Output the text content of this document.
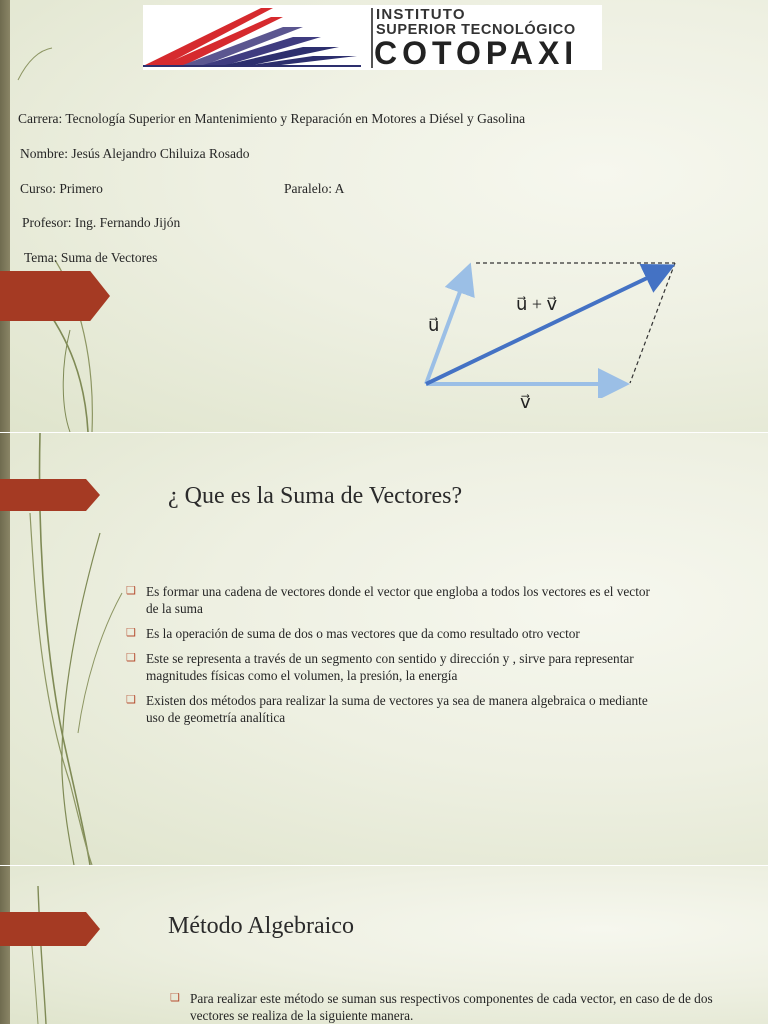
INSTITUTO
SUPERIOR TECNOLÓGICO
COTOPAXI
Carrera: Tecnología Superior en Mantenimiento y Reparación en Motores a Diésel y Gasolina
Nombre: Jesús Alejandro Chiluiza Rosado
Curso: Primero	Paralelo: A
Profesor: Ing. Fernando Jijón
Tema: Suma de Vectores
u⃗ + v⃗
u⃗
v⃗
¿ Que es la Suma de Vectores?
❑ Es formar una cadena de vectores donde el vector que engloba a todos los vectores es el vector de la suma
❑ Es la operación de suma de dos o mas vectores que da como resultado otro vector
❑ Este se representa a través de un segmento con sentido y dirección y , sirve para representar magnitudes físicas como el volumen, la presión, la energía
❑ Existen dos métodos para realizar la suma de vectores ya sea de manera algebraica o mediante uso de geometría analítica
Método Algebraico
❑ Para realizar este método se suman sus respectivos componentes de cada vector, en caso de de dos vectores se realiza de la siguiente manera.
